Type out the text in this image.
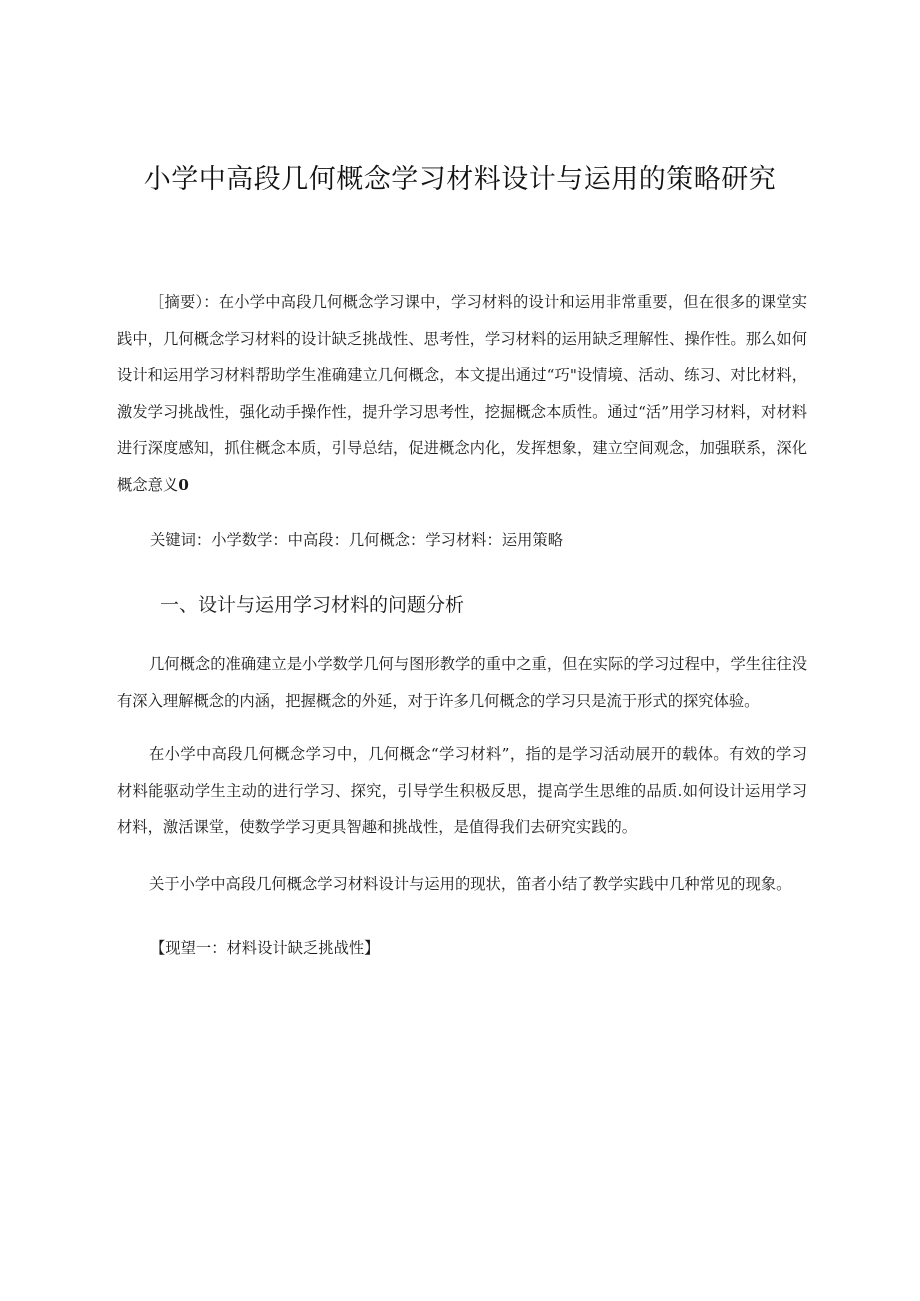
小学中高段几何概念学习材料设计与运用的策略研究

［摘要）：在小学中高段几何概念学习课中，学习材料的设计和运用非常重要，但在很多的课堂实践中，几何概念学习材料的设计缺乏挑战性、思考性，学习材料的运用缺乏理解性、操作性。那么如何设计和运用学习材料帮助学生准确建立几何概念，本文提出通过“巧"设情境、活动、练习、对比材料，激发学习挑战性，强化动手操作性，提升学习思考性，挖掘概念本质性。通过“活”用学习材料，对材料进行深度感知，抓住概念本质，引导总结，促进概念内化，发挥想象，建立空间观念，加强联系，深化概念意义0

关键词：小学数学：中高段：几何概念：学习材料：运用策略
一、设计与运用学习材料的问题分析

几何概念的准确建立是小学数学几何与图形教学的重中之重，但在实际的学习过程中，学生往往没有深入理解概念的内涵，把握概念的外延，对于许多几何概念的学习只是流于形式的探究体验。

在小学中高段几何概念学习中，几何概念“学习材料”，指的是学习活动展开的载体。有效的学习材料能驱动学生主动的进行学习、探究，引导学生积极反思，提高学生思维的品质.如何设计运用学习材料，激活课堂，使数学学习更具智趣和挑战性，是值得我们去研究实践的。

关于小学中高段几何概念学习材料设计与运用的现状，笛者小结了教学实践中几种常见的现象。

【现望一：材料设计缺乏挑战性】
